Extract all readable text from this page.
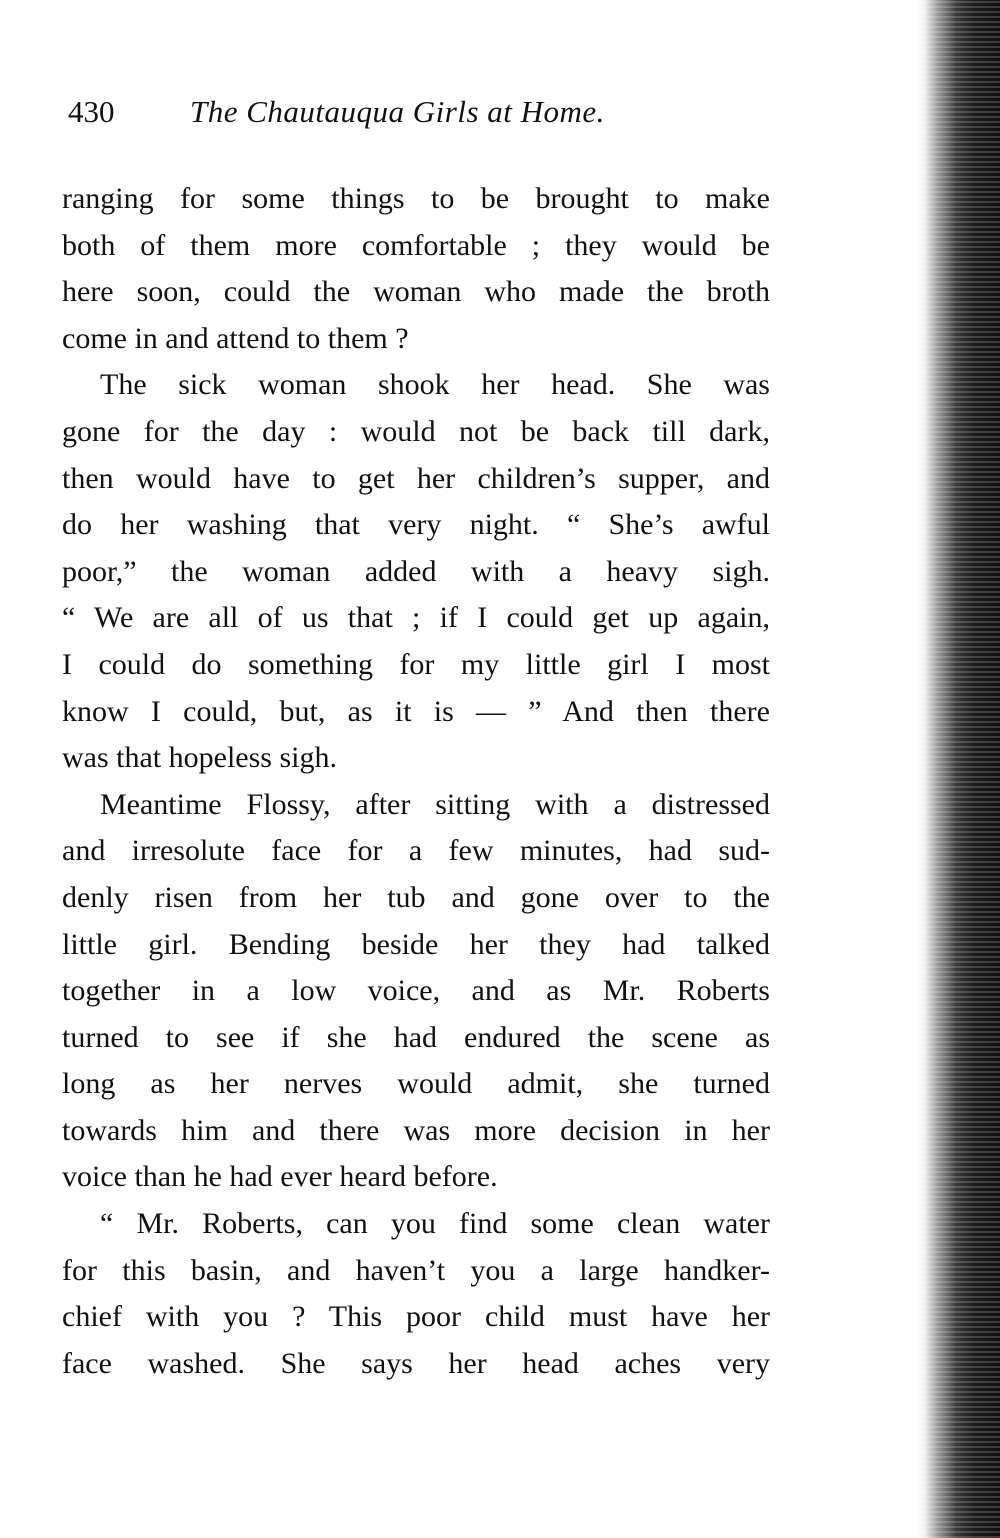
430 The Chautauqua Girls at Home.
ranging for some things to be brought to make
both of them more comfortable ; they would be
here soon, could the woman who made the broth
come in and attend to them ?
The sick woman shook her head. She was
gone for the day : would not be back till dark,
then would have to get her children’s supper, and
do her washing that very night. “ She’s awful
poor,” the woman added with a heavy sigh.
“ We are all of us that ; if I could get up again,
I could do something for my little girl I most
know I could, but, as it is — ” And then there
was that hopeless sigh.
Meantime Flossy, after sitting with a distressed
and irresolute face for a few minutes, had sud-
denly risen from her tub and gone over to the
little girl. Bending beside her they had talked
together in a low voice, and as Mr. Roberts
turned to see if she had endured the scene as
long as her nerves would admit, she turned
towards him and there was more decision in her
voice than he had ever heard before.
“ Mr. Roberts, can you find some clean water
for this basin, and haven’t you a large handker-
chief with you ? This poor child must have her
face washed. She says her head aches very
